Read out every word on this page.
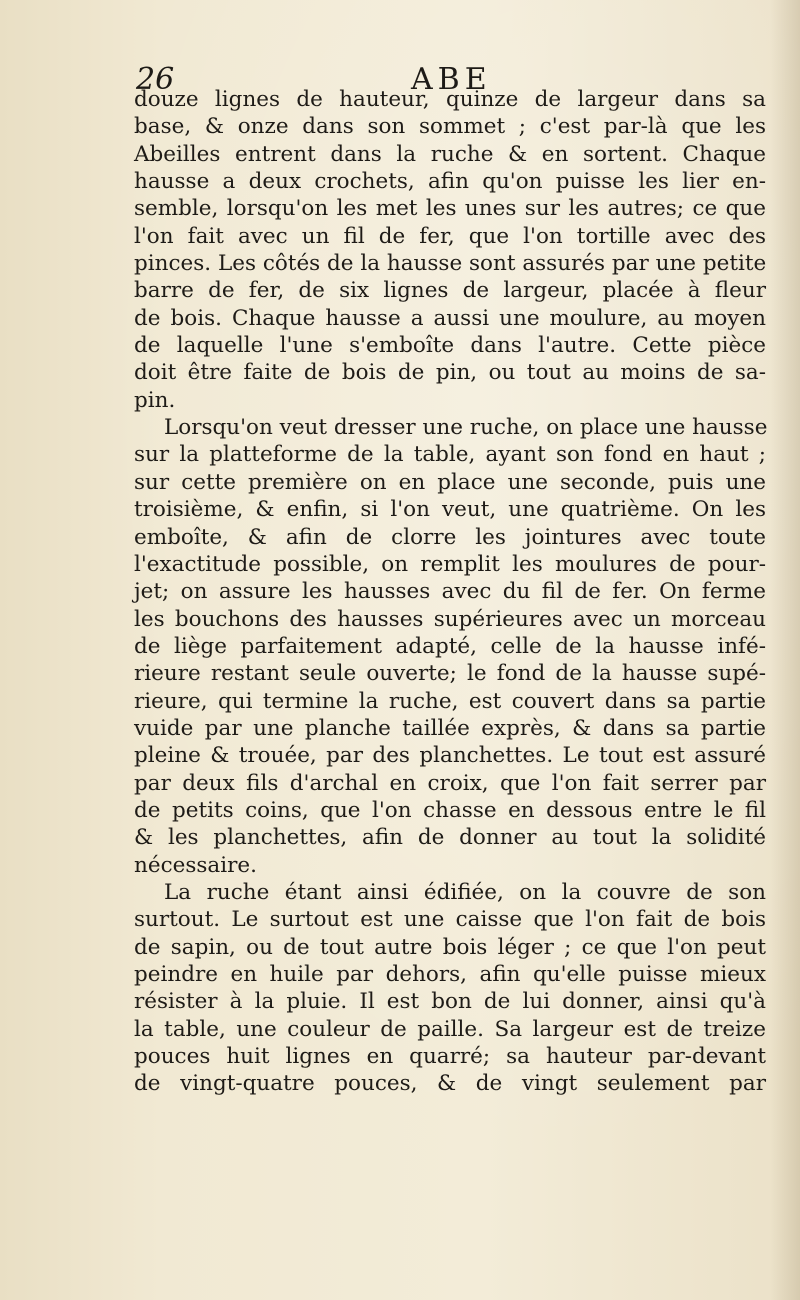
26	ABE
douze lignes de hauteur, quinze de largeur dans sa
base, & onze dans son sommet ; c'est par-là que les
Abeilles entrent dans la ruche & en sortent. Chaque
hausse a deux crochets, afin qu'on puisse les lier en-
semble, lorsqu'on les met les unes sur les autres; ce que
l'on fait avec un fil de fer, que l'on tortille avec des
pinces. Les côtés de la hausse sont assurés par une petite
barre de fer, de six lignes de largeur, placée à fleur
de bois. Chaque hausse a aussi une moulure, au moyen
de laquelle l'une s'emboîte dans l'autre. Cette pièce
doit être faite de bois de pin, ou tout au moins de sa-
pin.
Lorsqu'on veut dresser une ruche, on place une hausse
sur la platteforme de la table, ayant son fond en haut ;
sur cette première on en place une seconde, puis une
troisième, & enfin, si l'on veut, une quatrième. On les
emboîte, & afin de clorre les jointures avec toute
l'exactitude possible, on remplit les moulures de pour-
jet; on assure les hausses avec du fil de fer. On ferme
les bouchons des hausses supérieures avec un morceau
de liège parfaitement adapté, celle de la hausse infé-
rieure restant seule ouverte; le fond de la hausse supé-
rieure, qui termine la ruche, est couvert dans sa partie
vuide par une planche taillée exprès, & dans sa partie
pleine & trouée, par des planchettes. Le tout est assuré
par deux fils d'archal en croix, que l'on fait serrer par
de petits coins, que l'on chasse en dessous entre le fil
& les planchettes, afin de donner au tout la solidité
nécessaire.
La ruche étant ainsi édifiée, on la couvre de son
surtout. Le surtout est une caisse que l'on fait de bois
de sapin, ou de tout autre bois léger ; ce que l'on peut
peindre en huile par dehors, afin qu'elle puisse mieux
résister à la pluie. Il est bon de lui donner, ainsi qu'à
la table, une couleur de paille. Sa largeur est de treize
pouces huit lignes en quarré; sa hauteur par-devant
de vingt-quatre pouces, & de vingt seulement par
